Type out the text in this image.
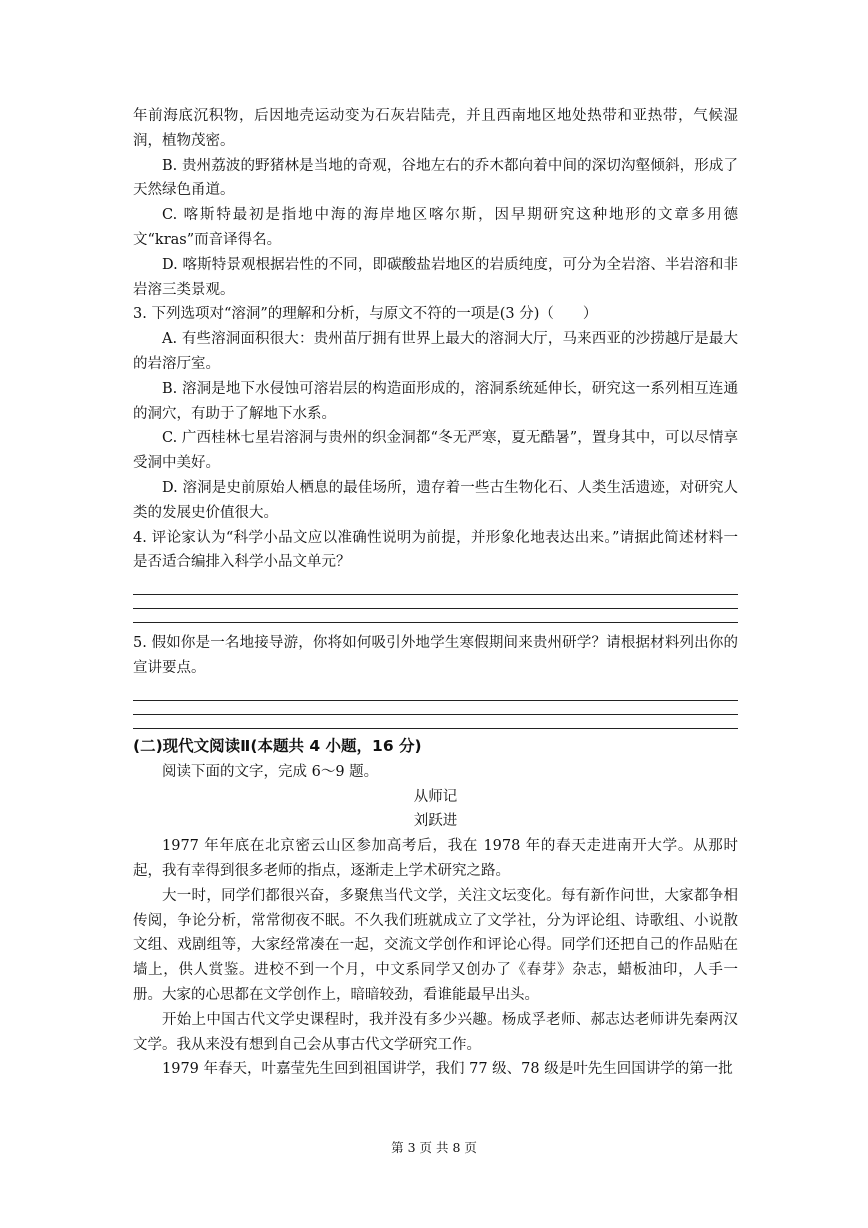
年前海底沉积物，后因地壳运动变为石灰岩陆壳，并且西南地区地处热带和亚热带，气候湿润，植物茂密。

B. 贵州荔波的野猪林是当地的奇观，谷地左右的乔木都向着中间的深切沟壑倾斜，形成了天然绿色甬道。

C. 喀斯特最初是指地中海的海岸地区喀尔斯，因早期研究这种地形的文章多用德文“kras”而音译得名。

D. 喀斯特景观根据岩性的不同，即碳酸盐岩地区的岩质纯度，可分为全岩溶、半岩溶和非岩溶三类景观。

3. 下列选项对“溶洞”的理解和分析，与原文不符的一项是(3 分)（　　）

A. 有些溶洞面积很大：贵州苗厅拥有世界上最大的溶洞大厅，马来西亚的沙捞越厅是最大的岩溶厅室。

B. 溶洞是地下水侵蚀可溶岩层的构造面形成的，溶洞系统延伸长，研究这一系列相互连通的洞穴，有助于了解地下水系。

C. 广西桂林七星岩溶洞与贵州的织金洞都“冬无严寒，夏无酷暑”，置身其中，可以尽情享受洞中美好。

D. 溶洞是史前原始人栖息的最佳场所，遗存着一些古生物化石、人类生活遗迹，对研究人类的发展史价值很大。

4. 评论家认为“科学小品文应以准确性说明为前提，并形象化地表达出来。”请据此简述材料一是否适合编排入科学小品文单元？

5. 假如你是一名地接导游，你将如何吸引外地学生寒假期间来贵州研学？请根据材料列出你的宣讲要点。

(二)现代文阅读Ⅱ(本题共 4 小题，16 分)

阅读下面的文字，完成 6～9 题。

从师记

刘跃进

1977 年年底在北京密云山区参加高考后，我在 1978 年的春天走进南开大学。从那时起，我有幸得到很多老师的指点，逐渐走上学术研究之路。

大一时，同学们都很兴奋，多聚焦当代文学，关注文坛变化。每有新作问世，大家都争相传阅，争论分析，常常彻夜不眠。不久我们班就成立了文学社，分为评论组、诗歌组、小说散文组、戏剧组等，大家经常凑在一起，交流文学创作和评论心得。同学们还把自己的作品贴在墙上，供人赏鉴。进校不到一个月，中文系同学又创办了《春芽》杂志，蜡板油印，人手一册。大家的心思都在文学创作上，暗暗较劲，看谁能最早出头。

开始上中国古代文学史课程时，我并没有多少兴趣。杨成孚老师、郝志达老师讲先秦两汉文学。我从来没有想到自己会从事古代文学研究工作。

1979 年春天，叶嘉莹先生回到祖国讲学，我们 77 级、78 级是叶先生回国讲学的第一批

第 3 页 共 8 页
